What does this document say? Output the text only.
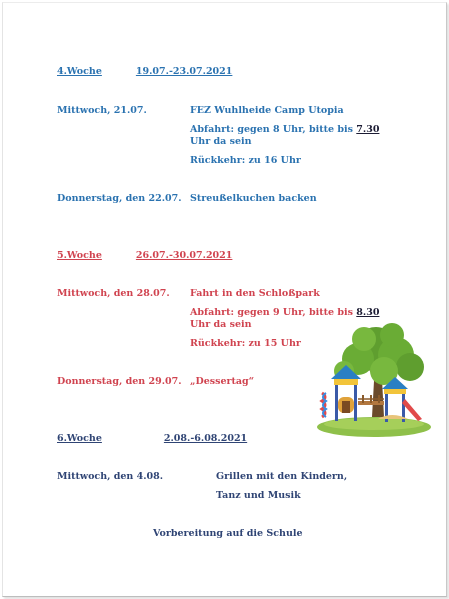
4.Woche	19.07.-23.07.2021
Mittwoch, 21.07.	FEZ Wuhlheide Camp Utopia
Abfahrt: gegen 8 Uhr, bitte bis 7.30
Uhr da sein
Rückkehr: zu 16 Uhr
Donnerstag, den 22.07. Streußelkuchen backen
5.Woche	26.07.-30.07.2021
Mittwoch, den 28.07. Fahrt in den Schloßpark
Abfahrt: gegen 9 Uhr, bitte bis 8.30
Uhr da sein
Rückkehr: zu 15 Uhr
Donnerstag, den 29.07. „Dessertag“
6.Woche	2.08.-6.08.2021
Mittwoch, den 4.08.	Grillen mit den Kindern,
Tanz und Musik
Vorbereitung auf die Schule
